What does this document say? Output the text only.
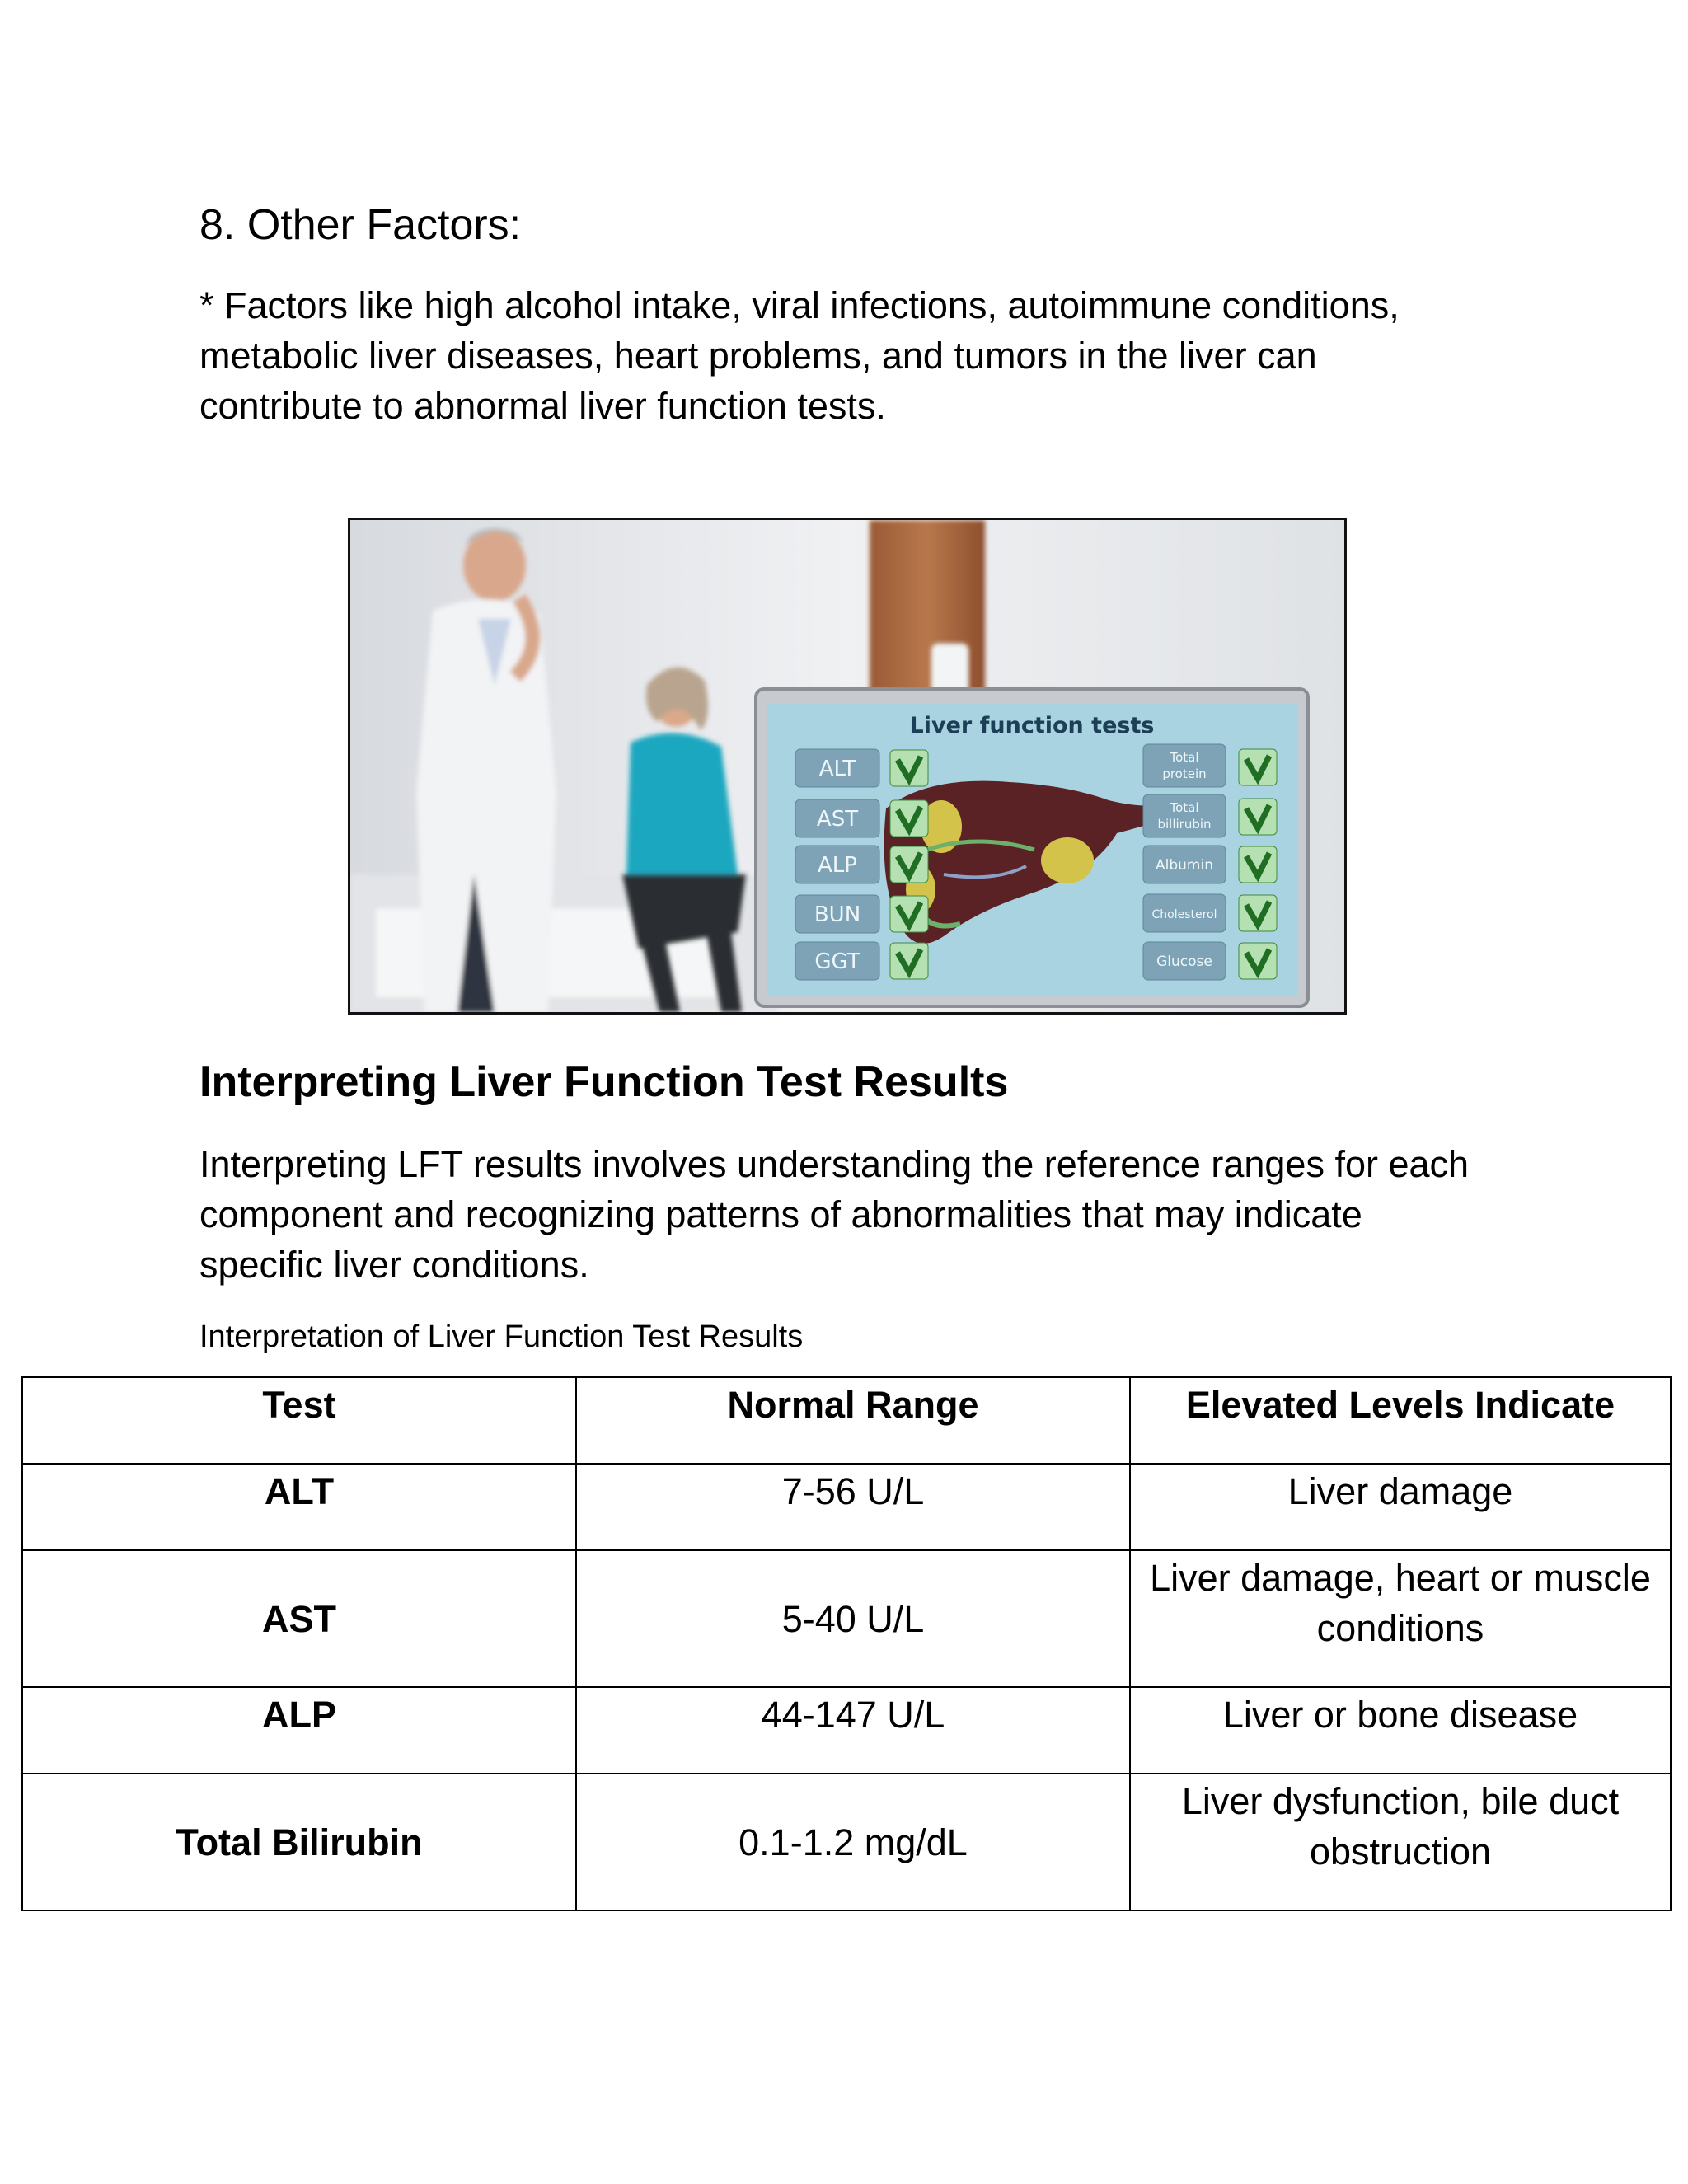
8. Other Factors:

* Factors like high alcohol intake, viral infections, autoimmune conditions, metabolic liver diseases, heart problems, and tumors in the liver can contribute to abnormal liver function tests.

Liver function tests
ALT
AST
ALP
BUN
GGT
Total
protein
Total
billirubin
Albumin
Cholesterol
Glucose
Interpreting Liver Function Test Results

Interpreting LFT results involves understanding the reference ranges for each component and recognizing patterns of abnormalities that may indicate specific liver conditions.

Interpretation of Liver Function Test Results

Test	Normal Range	Elevated Levels Indicate
ALT	7-56 U/L	Liver damage
AST	5-40 U/L	Liver damage, heart or muscle conditions
ALP	44-147 U/L	Liver or bone disease
Total Bilirubin	0.1-1.2 mg/dL	Liver dysfunction, bile duct obstruction
